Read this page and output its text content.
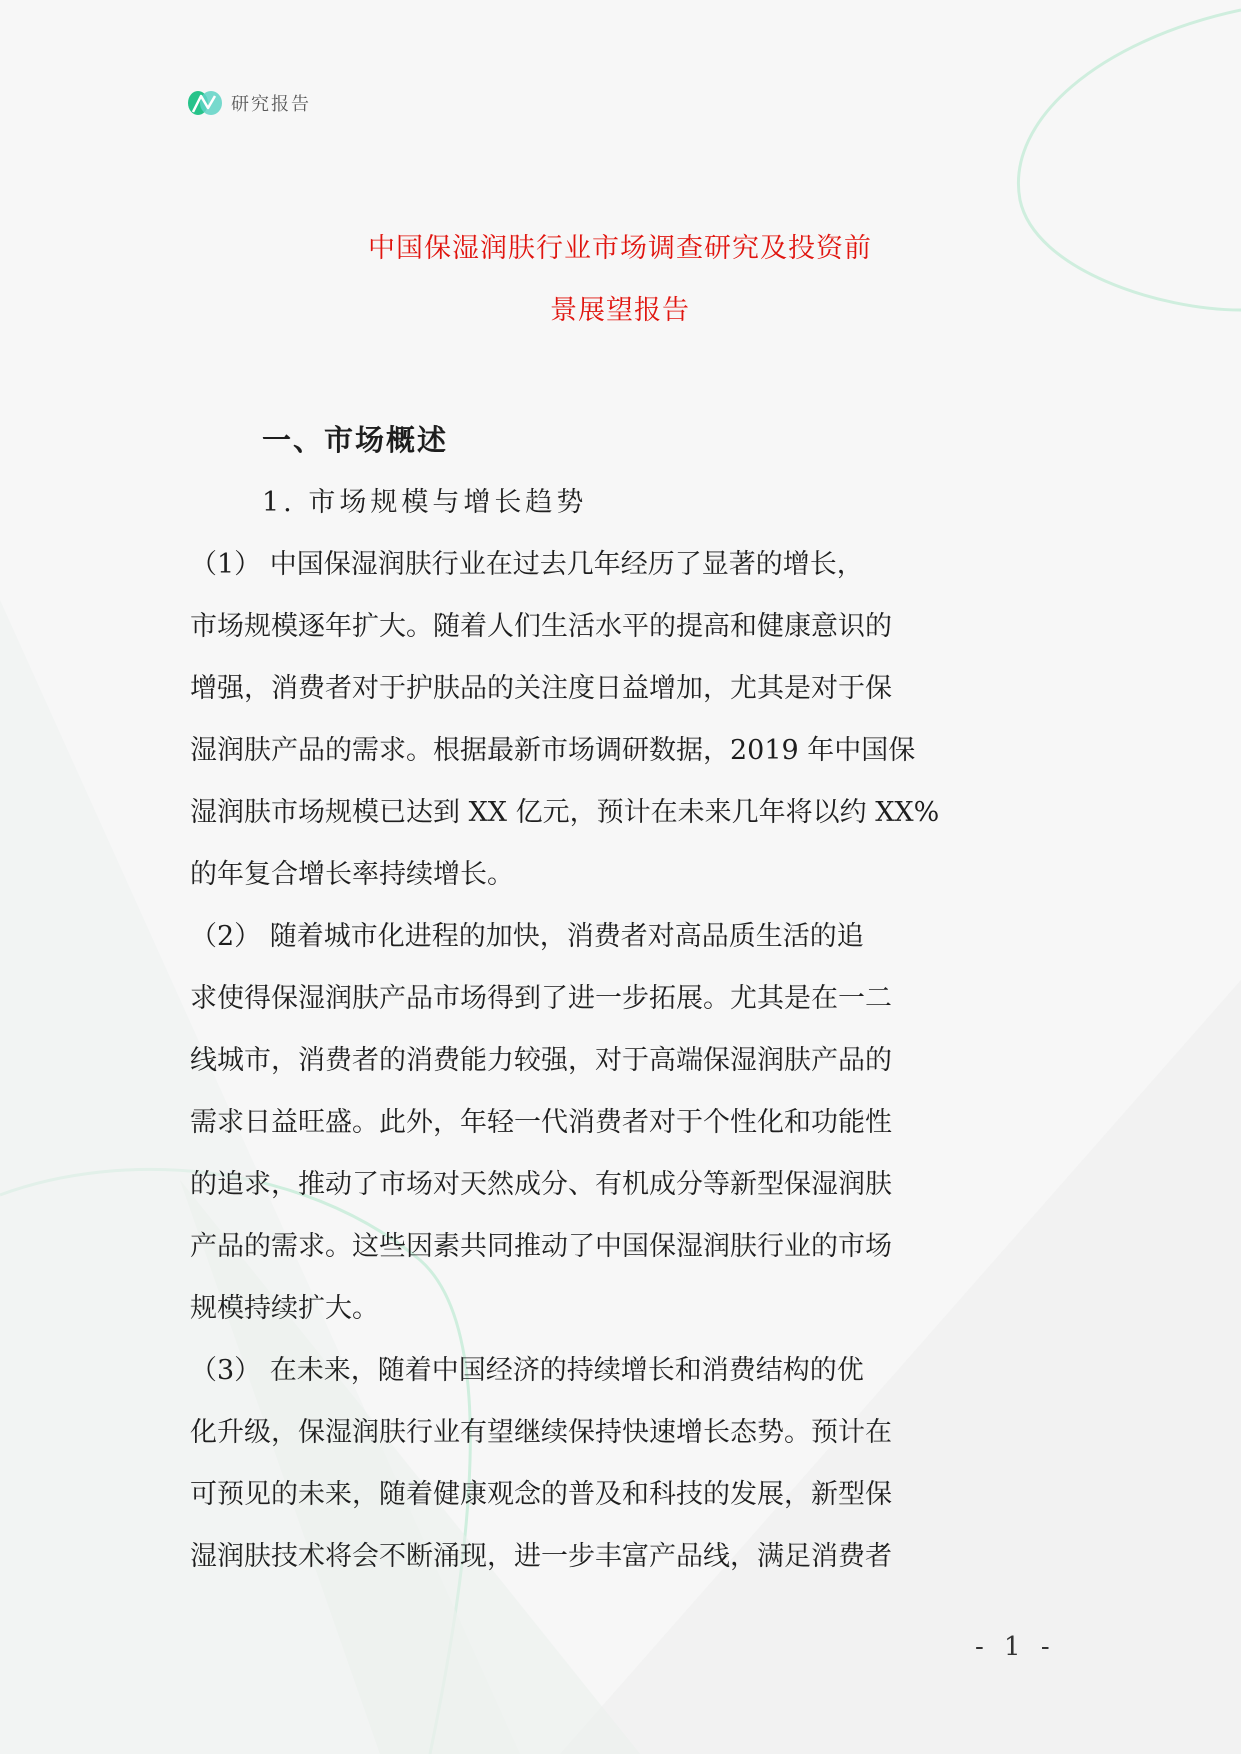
研究报告
中国保湿润肤行业市场调查研究及投资前
景展望报告
一、市场概述
1. 市场规模与增长趋势
（1） 中国保湿润肤行业在过去几年经历了显著的增长，
市场规模逐年扩大。随着人们生活水平的提高和健康意识的
增强，消费者对于护肤品的关注度日益增加，尤其是对于保
湿润肤产品的需求。根据最新市场调研数据，2019 年中国保
湿润肤市场规模已达到 XX 亿元，预计在未来几年将以约 XX%
的年复合增长率持续增长。
（2） 随着城市化进程的加快，消费者对高品质生活的追
求使得保湿润肤产品市场得到了进一步拓展。尤其是在一二
线城市，消费者的消费能力较强，对于高端保湿润肤产品的
需求日益旺盛。此外，年轻一代消费者对于个性化和功能性
的追求，推动了市场对天然成分、有机成分等新型保湿润肤
产品的需求。这些因素共同推动了中国保湿润肤行业的市场
规模持续扩大。
（3） 在未来，随着中国经济的持续增长和消费结构的优
化升级，保湿润肤行业有望继续保持快速增长态势。预计在
可预见的未来，随着健康观念的普及和科技的发展，新型保
湿润肤技术将会不断涌现，进一步丰富产品线，满足消费者
- 1 -
